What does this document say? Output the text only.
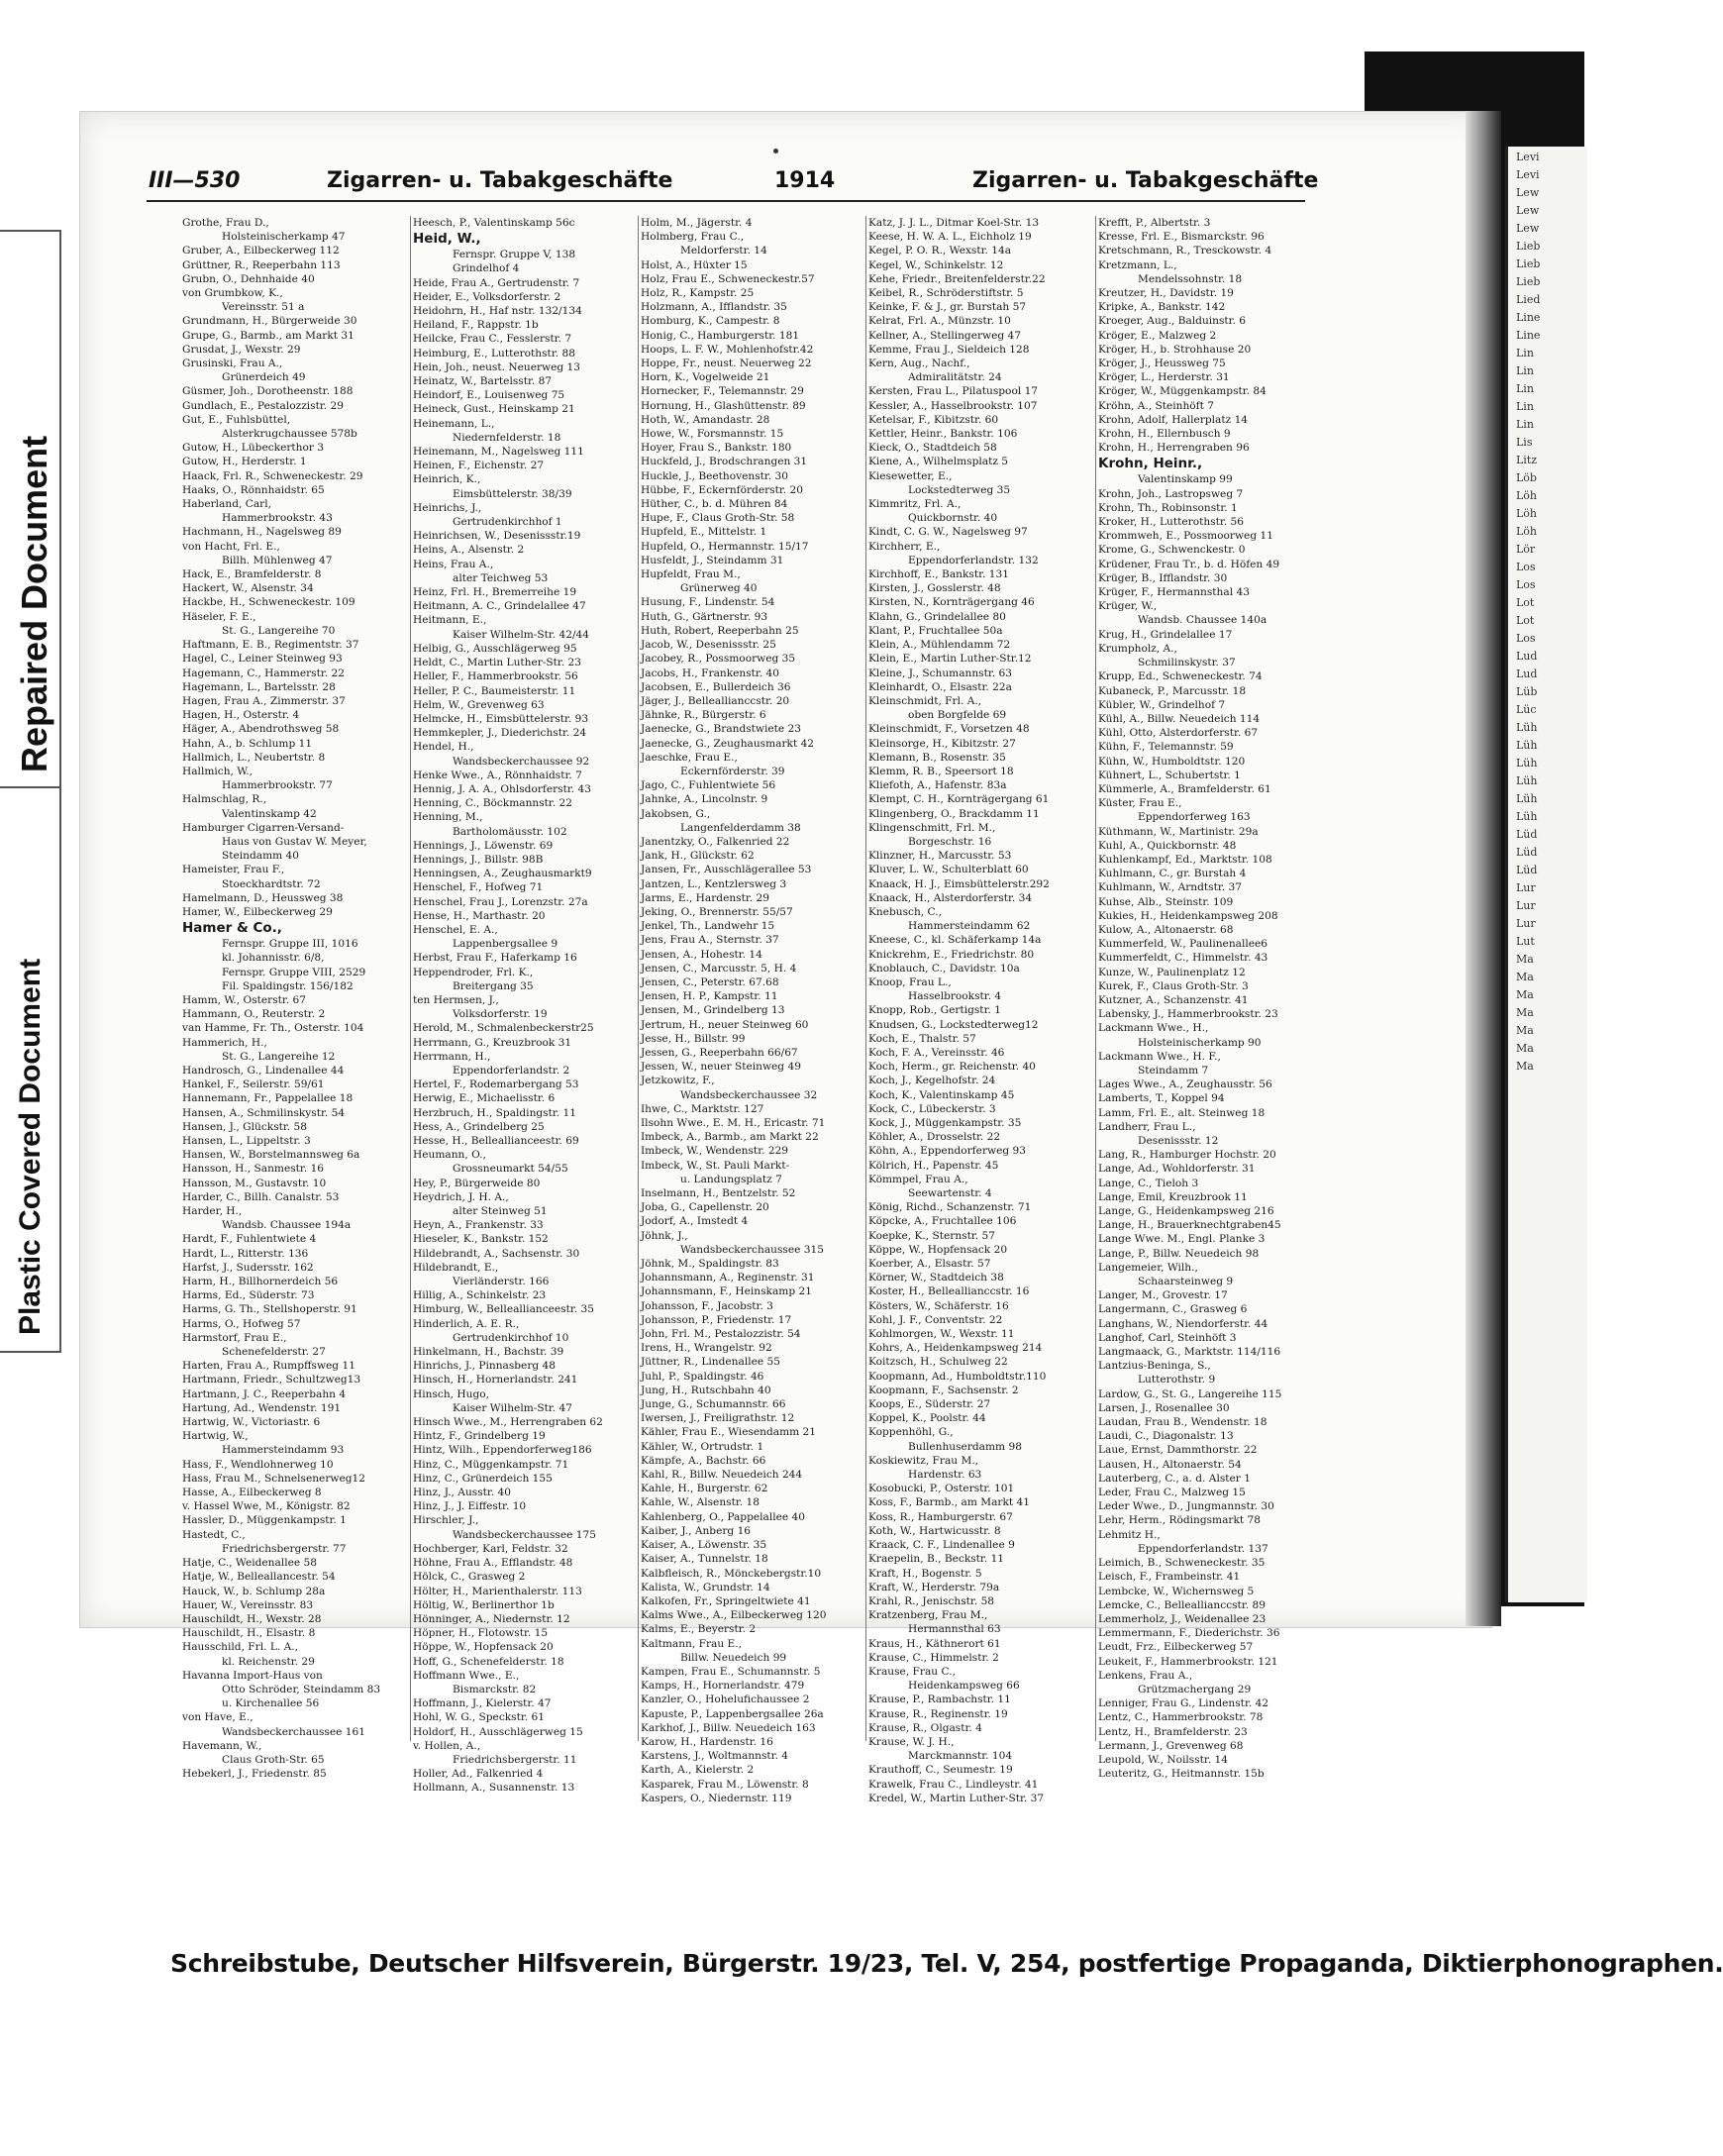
Levi
Levi
Lew
Lew
Lew
Lieb
Lieb
Lieb
Lied
Line
Line
Lin
Lin
Lin
Lin
Lin
Lis
Litz
Löb
Löh
Löh
Löh
Lör
Los
Los
Lot
Lot
Los
Lud
Lud
Lüb
Lüc
Lüh
Lüh
Lüh
Lüh
Lüh
Lüh
Lüd
Lüd
Lüd
Lur
Lur
Lur
Lut
Ma
Ma
Ma
Ma
Ma
Ma
Ma
Repaired Document
Plastic Covered Document
III—530	Zigarren- u. Tabakgeschäfte	1914	Zigarren- u. Tabakgeschäfte
Grothe, Frau D.,
Holsteinischerkamp 47
Gruber, A., Eilbeckerweg 112
Grüttner, R., Reeperbahn 113
Grubn, O., Dehnhaide 40
von Grumbkow, K.,
Vereinsstr. 51 a
Grundmann, H., Bürgerweide 30
Grupe, G., Barmb., am Markt 31
Grusdat, J., Wexstr. 29
Grusinski, Frau A.,
Grünerdeich 49
Güsmer, Joh., Dorotheenstr. 188
Gundlach, E., Pestalozzistr. 29
Gut, E., Fuhlsbüttel,
Alsterkrugchaussee 578b
Gutow, H., Lübeckerthor 3
Gutow, H., Herderstr. 1
Haack, Frl. R., Schweneckestr. 29
Haaks, O., Rönnhaidstr. 65
Haberland, Carl,
Hammerbrookstr. 43
Hachmann, H., Nagelsweg 89
von Hacht, Frl. E.,
Billh. Mühlenweg 47
Hack, E., Bramfelderstr. 8
Hackert, W., Alsenstr. 34
Hackbe, H., Schweneckestr. 109
Häseler, F. E.,
St. G., Langereihe 70
Haftmann, E. B., Regimentstr. 37
Hagel, C., Leiner Steinweg 93
Hagemann, C., Hammerstr. 22
Hagemann, L., Bartelsstr. 28
Hagen, Frau A., Zimmerstr. 37
Hagen, H., Osterstr. 4
Häger, A., Abendrothsweg 58
Hahn, A., b. Schlump 11
Hallmich, L., Neubertstr. 8
Hallmich, W.,
Hammerbrookstr. 77
Halmschlag, R.,
Valentinskamp 42
Hamburger Cigarren-Versand-
Haus von Gustav W. Meyer,
Steindamm 40
Hameister, Frau F.,
Stoeckhardtstr. 72
Hamelmann, D., Heussweg 38
Hamer, W., Eilbeckerweg 29
Hamer & Co.,
Fernspr. Gruppe III, 1016
kl. Johannisstr. 6/8,
Fernspr. Gruppe VIII, 2529
Fil. Spaldingstr. 156/182
Hamm, W., Osterstr. 67
Hammann, O., Reuterstr. 2
van Hamme, Fr. Th., Osterstr. 104
Hammerich, H.,
St. G., Langereihe 12
Handrosch, G., Lindenallee 44
Hankel, F., Seilerstr. 59/61
Hannemann, Fr., Pappelallee 18
Hansen, A., Schmilinskystr. 54
Hansen, J., Glückstr. 58
Hansen, L., Lippeltstr. 3
Hansen, W., Borstelmannsweg 6a
Hansson, H., Sanmestr. 16
Hansson, M., Gustavstr. 10
Harder, C., Billh. Canalstr. 53
Harder, H.,
Wandsb. Chaussee 194a
Hardt, F., Fuhlentwiete 4
Hardt, L., Ritterstr. 136
Harfst, J., Sudersstr. 162
Harm, H., Billhornerdeich 56
Harms, Ed., Süderstr. 73
Harms, G. Th., Stellshoperstr. 91
Harms, O., Hofweg 57
Harmstorf, Frau E.,
Schenefelderstr. 27
Harten, Frau A., Rumpffsweg 11
Hartmann, Friedr., Schultzweg13
Hartmann, J. C., Reeperbahn 4
Hartung, Ad., Wendenstr. 191
Hartwig, W., Victoriastr. 6
Hartwig, W.,
Hammersteindamm 93
Hass, F., Wendlohnerweg 10
Hass, Frau M., Schnelsenerweg12
Hasse, A., Eilbeckerweg 8
v. Hassel Wwe, M., Königstr. 82
Hassler, D., Müggenkampstr. 1
Hastedt, C.,
Friedrichsbergerstr. 77
Hatje, C., Weidenallee 58
Hatje, W., Belleallancestr. 54
Hauck, W., b. Schlump 28a
Hauer, W., Vereinsstr. 83
Hauschildt, H., Wexstr. 28
Hauschildt, H., Elsastr. 8
Hausschild, Frl. L. A.,
kl. Reichenstr. 29
Havanna Import-Haus von
Otto Schröder, Steindamm 83
u. Kirchenallee 56
von Have, E.,
Wandsbeckerchaussee 161
Havemann, W.,
Claus Groth-Str. 65
Hebekerl, J., Friedenstr. 85
Heesch, P., Valentinskamp 56c
Heid, W.,
Fernspr. Gruppe V, 138
Grindelhof 4
Heide, Frau A., Gertrudenstr. 7
Heider, E., Volksdorferstr. 2
Heidohrn, H., Haf nstr. 132/134
Heiland, F., Rappstr. 1b
Heilcke, Frau C., Fesslerstr. 7
Heimburg, E., Lutterothstr. 88
Hein, Joh., neust. Neuerweg 13
Heinatz, W., Bartelsstr. 87
Heindorf, E., Louisenweg 75
Heineck, Gust., Heinskamp 21
Heinemann, L.,
Niedernfelderstr. 18
Heinemann, M., Nagelsweg 111
Heinen, F., Eichenstr. 27
Heinrich, K.,
Eimsbüttelerstr. 38/39
Heinrichs, J.,
Gertrudenkirchhof 1
Heinrichsen, W., Desenissstr.19
Heins, A., Alsenstr. 2
Heins, Frau A.,
alter Teichweg 53
Heinz, Frl. H., Bremerreihe 19
Heitmann, A. C., Grindelallee 47
Heitmann, E.,
Kaiser Wilhelm-Str. 42/44
Helbig, G., Ausschlägerweg 95
Heldt, C., Martin Luther-Str. 23
Heller, F., Hammerbrookstr. 56
Heller, P. C., Baumeisterstr. 11
Helm, W., Grevenweg 63
Helmcke, H., Eimsbüttelerstr. 93
Hemmkepler, J., Diederichstr. 24
Hendel, H.,
Wandsbeckerchaussee 92
Henke Wwe., A., Rönnhaidstr. 7
Hennig, J. A. A., Ohlsdorferstr. 43
Henning, C., Böckmannstr. 22
Henning, M.,
Bartholomäusstr. 102
Hennings, J., Löwenstr. 69
Hennings, J., Billstr. 98B
Henningsen, A., Zeughausmarkt9
Henschel, F., Hofweg 71
Henschel, Frau J., Lorenzstr. 27a
Hense, H., Marthastr. 20
Henschel, E. A.,
Lappenbergsallee 9
Herbst, Frau F., Haferkamp 16
Heppendroder, Frl. K.,
Breitergang 35
ten Hermsen, J.,
Volksdorferstr. 19
Herold, M., Schmalenbeckerstr25
Herrmann, G., Kreuzbrook 31
Herrmann, H.,
Eppendorferlandstr. 2
Hertel, F., Rodemarbergang 53
Herwig, E., Michaelisstr. 6
Herzbruch, H., Spaldingstr. 11
Hess, A., Grindelberg 25
Hesse, H., Belleallianceestr. 69
Heumann, O.,
Grossneumarkt 54/55
Hey, P., Bürgerweide 80
Heydrich, J. H. A.,
alter Steinweg 51
Heyn, A., Frankenstr. 33
Hieseler, K., Bankstr. 152
Hildebrandt, A., Sachsenstr. 30
Hildebrandt, E.,
Vierländerstr. 166
Hillig, A., Schinkelstr. 23
Himburg, W., Belleallianceestr. 35
Hinderlich, A. E. R.,
Gertrudenkirchhof 10
Hinkelmann, H., Bachstr. 39
Hinrichs, J., Pinnasberg 48
Hinsch, H., Hornerlandstr. 241
Hinsch, Hugo,
Kaiser Wilhelm-Str. 47
Hinsch Wwe., M., Herrengraben 62
Hintz, F., Grindelberg 19
Hintz, Wilh., Eppendorferweg186
Hinz, C., Müggenkampstr. 71
Hinz, C., Grünerdeich 155
Hinz, J., Ausstr. 40
Hinz, J., J. Eiffestr. 10
Hirschler, J.,
Wandsbeckerchaussee 175
Hochberger, Karl, Feldstr. 32
Höhne, Frau A., Efflandstr. 48
Hölck, C., Grasweg 2
Hölter, H., Marienthalerstr. 113
Höltig, W., Berlinerthor 1b
Hönninger, A., Niedernstr. 12
Höpner, H., Flotowstr. 15
Höppe, W., Hopfensack 20
Hoff, G., Schenefelderstr. 18
Hoffmann Wwe., E.,
Bismarckstr. 82
Hoffmann, J., Kielerstr. 47
Hohl, W. G., Speckstr. 61
Holdorf, H., Ausschlägerweg 15
v. Hollen, A.,
Friedrichsbergerstr. 11
Holler, Ad., Falkenried 4
Hollmann, A., Susannenstr. 13
Holm, M., Jägerstr. 4
Holmberg, Frau C.,
Meldorferstr. 14
Holst, A., Hüxter 15
Holz, Frau E., Schweneckestr.57
Holz, R., Kampstr. 25
Holzmann, A., Ifflandstr. 35
Homburg, K., Campestr. 8
Honig, C., Hamburgerstr. 181
Hoops, L. F. W., Mohlenhofstr.42
Hoppe, Fr., neust. Neuerweg 22
Horn, K., Vogelweide 21
Hornecker, F., Telemannstr. 29
Hornung, H., Glashüttenstr. 89
Hoth, W., Amandastr. 28
Howe, W., Forsmannstr. 15
Hoyer, Frau S., Bankstr. 180
Huckfeld, J., Brodschrangen 31
Huckle, J., Beethovenstr. 30
Hübbe, F., Eckernförderstr. 20
Hüther, C., b. d. Mühren 84
Hupe, F., Claus Groth-Str. 58
Hupfeld, E., Mittelstr. 1
Hupfeld, O., Hermannstr. 15/17
Husfeldt, J., Steindamm 31
Hupfeldt, Frau M.,
Grünerweg 40
Husung, F., Lindenstr. 54
Huth, G., Gärtnerstr. 93
Huth, Robert, Reeperbahn 25
Jacob, W., Desenissstr. 25
Jacobey, R., Possmoorweg 35
Jacobs, H., Frankenstr. 40
Jacobsen, E., Bullerdeich 36
Jäger, J., Belleallianccstr. 20
Jähnke, R., Bürgerstr. 6
Jaenecke, G., Brandstwiete 23
Jaenecke, G., Zeughausmarkt 42
Jaeschke, Frau E.,
Eckernförderstr. 39
Jago, C., Fuhlentwiete 56
Jahnke, A., Lincolnstr. 9
Jakobsen, G.,
Langenfelderdamm 38
Janentzky, O., Falkenried 22
Jank, H., Glückstr. 62
Jansen, Fr., Ausschlägerallee 53
Jantzen, L., Kentzlersweg 3
Jarms, E., Hardenstr. 29
Jeking, O., Brennerstr. 55/57
Jenkel, Th., Landwehr 15
Jens, Frau A., Sternstr. 37
Jensen, A., Hohestr. 14
Jensen, C., Marcusstr. 5, H. 4
Jensen, C., Peterstr. 67.68
Jensen, H. P., Kampstr. 11
Jensen, M., Grindelberg 13
Jertrum, H., neuer Steinweg 60
Jesse, H., Billstr. 99
Jessen, G., Reeperbahn 66/67
Jessen, W., neuer Steinweg 49
Jetzkowitz, F.,
Wandsbeckerchaussee 32
Ihwe, C., Marktstr. 127
Ilsohn Wwe., E. M. H., Ericastr. 71
Imbeck, A., Barmb., am Markt 22
Imbeck, W., Wendenstr. 229
Imbeck, W., St. Pauli Markt-
u. Landungsplatz 7
Inselmann, H., Bentzelstr. 52
Joba, G., Capellenstr. 20
Jodorf, A., Imstedt 4
Jöhnk, J.,
Wandsbeckerchaussee 315
Jöhnk, M., Spaldingstr. 83
Johannsmann, A., Reginenstr. 31
Johannsmann, F., Heinskamp 21
Johansson, F., Jacobstr. 3
Johansson, P., Friedenstr. 17
John, Frl. M., Pestalozzistr. 54
Irens, H., Wrangelstr. 92
Jüttner, R., Lindenallee 55
Juhl, P., Spaldingstr. 46
Jung, H., Rutschbahn 40
Junge, G., Schumannstr. 66
Iwersen, J., Freiligrathstr. 12
Kähler, Frau E., Wiesendamm 21
Kähler, W., Ortrudstr. 1
Kämpfe, A., Bachstr. 66
Kahl, R., Billw. Neuedeich 244
Kahle, H., Burgerstr. 62
Kahle, W., Alsenstr. 18
Kahlenberg, O., Pappelallee 40
Kaiber, J., Anberg 16
Kaiser, A., Löwenstr. 35
Kaiser, A., Tunnelstr. 18
Kalbfleisch, R., Mönckebergstr.10
Kalista, W., Grundstr. 14
Kalkofen, Fr., Springeltwiete 41
Kalms Wwe., A., Eilbeckerweg 120
Kalms, E., Beyerstr. 2
Kaltmann, Frau E.,
Billw. Neuedeich 99
Kampen, Frau E., Schumannstr. 5
Kamps, H., Hornerlandstr. 479
Kanzler, O., Hohelufichaussee 2
Kapuste, P., Lappenbergsallee 26a
Karkhof, J., Billw. Neuedeich 163
Karow, H., Hardenstr. 16
Karstens, J., Woltmannstr. 4
Karth, A., Kielerstr. 2
Kasparek, Frau M., Löwenstr. 8
Kaspers, O., Niedernstr. 119
Katz, J. J. L., Ditmar Koel-Str. 13
Keese, H. W. A. L., Eichholz 19
Kegel, P. O. R., Wexstr. 14a
Kegel, W., Schinkelstr. 12
Kehe, Friedr., Breitenfelderstr.22
Keibel, R., Schröderstiftstr. 5
Keinke, F. & J., gr. Burstah 57
Kelrat, Frl. A., Münzstr. 10
Kellner, A., Stellingerweg 47
Kemme, Frau J., Sieldeich 128
Kern, Aug., Nachf.,
Admiralitätstr. 24
Kersten, Frau L., Pilatuspool 17
Kessler, A., Hasselbrookstr. 107
Ketelsar, F., Kibitzstr. 60
Kettler, Heinr., Bankstr. 106
Kieck, O., Stadtdeich 58
Kiene, A., Wilhelmsplatz 5
Kiesewetter, E.,
Lockstedterweg 35
Kimmritz, Frl. A.,
Quickbornstr. 40
Kindt, C. G. W., Nagelsweg 97
Kirchherr, E.,
Eppendorferlandstr. 132
Kirchhoff, E., Bankstr. 131
Kirsten, J., Gosslerstr. 48
Kirsten, N., Kornträgergang 46
Klahn, G., Grindelallee 80
Klant, P., Fruchtallee 50a
Klein, A., Mühlendamm 72
Klein, E., Martin Luther-Str.12
Kleine, J., Schumannstr. 63
Kleinhardt, O., Elsastr. 22a
Kleinschmidt, Frl. A.,
oben Borgfelde 69
Kleinschmidt, F., Vorsetzen 48
Kleinsorge, H., Kibitzstr. 27
Klemann, B., Rosenstr. 35
Klemm, R. B., Speersort 18
Kliefoth, A., Hafenstr. 83a
Klempt, C. H., Kornträgergang 61
Klingenberg, O., Brackdamm 11
Klingenschmitt, Frl. M.,
Borgeschstr. 16
Klinzner, H., Marcusstr. 53
Kluver, L. W., Schulterblatt 60
Knaack, H. J., Eimsbüttelerstr.292
Knaack, H., Alsterdorferstr. 34
Knebusch, C.,
Hammersteindamm 62
Kneese, C., kl. Schäferkamp 14a
Knickrehm, E., Friedrichstr. 80
Knoblauch, C., Davidstr. 10a
Knoop, Frau L.,
Hasselbrookstr. 4
Knopp, Rob., Gertigstr. 1
Knudsen, G., Lockstedterweg12
Koch, E., Thalstr. 57
Koch, F. A., Vereinsstr. 46
Koch, Herm., gr. Reichenstr. 40
Koch, J., Kegelhofstr. 24
Koch, K., Valentinskamp 45
Kock, C., Lübeckerstr. 3
Kock, J., Müggenkampstr. 35
Köhler, A., Drosselstr. 22
Köhn, A., Eppendorferweg 93
Kölrich, H., Papenstr. 45
Kömmpel, Frau A.,
Seewartenstr. 4
König, Richd., Schanzenstr. 71
Köpcke, A., Fruchtallee 106
Koepke, K., Sternstr. 57
Köppe, W., Hopfensack 20
Koerber, A., Elsastr. 57
Körner, W., Stadtdeich 38
Koster, H., Belleallianccstr. 16
Kösters, W., Schäferstr. 16
Kohl, J. F., Conventstr. 22
Kohlmorgen, W., Wexstr. 11
Kohrs, A., Heidenkampsweg 214
Koitzsch, H., Schulweg 22
Koopmann, Ad., Humboldtstr.110
Koopmann, F., Sachsenstr. 2
Koops, E., Süderstr. 27
Koppel, K., Poolstr. 44
Koppenhöhl, G.,
Bullenhuserdamm 98
Koskiewitz, Frau M.,
Hardenstr. 63
Kosobucki, P., Osterstr. 101
Koss, F., Barmb., am Markt 41
Koss, R., Hamburgerstr. 67
Koth, W., Hartwicusstr. 8
Kraack, C. F., Lindenallee 9
Kraepelin, B., Beckstr. 11
Kraft, H., Bogenstr. 5
Kraft, W., Herderstr. 79a
Krahl, R., Jenischstr. 58
Kratzenberg, Frau M.,
Hermannsthal 63
Kraus, H., Käthnerort 61
Krause, C., Himmelstr. 2
Krause, Frau C.,
Heidenkampsweg 66
Krause, P., Rambachstr. 11
Krause, R., Reginenstr. 19
Krause, R., Olgastr. 4
Krause, W. J. H.,
Marckmannstr. 104
Krauthoff, C., Seumestr. 19
Krawelk, Frau C., Lindleystr. 41
Kredel, W., Martin Luther-Str. 37
Krefft, P., Albertstr. 3
Kresse, Frl. E., Bismarckstr. 96
Kretschmann, R., Tresckowstr. 4
Kretzmann, L.,
Mendelssohnstr. 18
Kreutzer, H., Davidstr. 19
Kripke, A., Bankstr. 142
Kroeger, Aug., Balduinstr. 6
Kröger, E., Malzweg 2
Kröger, H., b. Strohhause 20
Kröger, J., Heussweg 75
Kröger, L., Herderstr. 31
Kröger, W., Müggenkampstr. 84
Kröhn, A., Steinhöft 7
Krohn, Adolf, Hallerplatz 14
Krohn, H., Ellernbusch 9
Krohn, H., Herrengraben 96
Krohn, Heinr.,
Valentinskamp 99
Krohn, Joh., Lastropsweg 7
Krohn, Th., Robinsonstr. 1
Kroker, H., Lutterothstr. 56
Krommweh, E., Possmoorweg 11
Krome, G., Schwenckestr. 0
Krüdener, Frau Tr., b. d. Höfen 49
Krüger, B., Ifflandstr. 30
Krüger, F., Hermannsthal 43
Krüger, W.,
Wandsb. Chaussee 140a
Krug, H., Grindelallee 17
Krumpholz, A.,
Schmilinskystr. 37
Krupp, Ed., Schweneckestr. 74
Kubaneck, P., Marcusstr. 18
Kübler, W., Grindelhof 7
Kühl, A., Billw. Neuedeich 114
Kühl, Otto, Alsterdorferstr. 67
Kühn, F., Telemannstr. 59
Kühn, W., Humboldtstr. 120
Kühnert, L., Schubertstr. 1
Kümmerle, A., Bramfelderstr. 61
Küster, Frau E.,
Eppendorferweg 163
Küthmann, W., Martinistr. 29a
Kuhl, A., Quickbornstr. 48
Kuhlenkampf, Ed., Marktstr. 108
Kuhlmann, C., gr. Burstah 4
Kuhlmann, W., Arndtstr. 37
Kuhse, Alb., Steinstr. 109
Kukies, H., Heidenkampsweg 208
Kulow, A., Altonaerstr. 68
Kummerfeld, W., Paulinenallee6
Kummerfeldt, C., Himmelstr. 43
Kunze, W., Paulinenplatz 12
Kurek, F., Claus Groth-Str. 3
Kutzner, A., Schanzenstr. 41
Labensky, J., Hammerbrookstr. 23
Lackmann Wwe., H.,
Holsteinischerkamp 90
Lackmann Wwe., H. F.,
Steindamm 7
Lages Wwe., A., Zeughausstr. 56
Lamberts, T., Koppel 94
Lamm, Frl. E., alt. Steinweg 18
Landherr, Frau L.,
Desenissstr. 12
Lang, R., Hamburger Hochstr. 20
Lange, Ad., Wohldorferstr. 31
Lange, C., Tieloh 3
Lange, Emil, Kreuzbrook 11
Lange, G., Heidenkampsweg 216
Lange, H., Brauerknechtgraben45
Lange Wwe. M., Engl. Planke 3
Lange, P., Billw. Neuedeich 98
Langemeier, Wilh.,
Schaarsteinweg 9
Langer, M., Grovestr. 17
Langermann, C., Grasweg 6
Langhans, W., Niendorferstr. 44
Langhof, Carl, Steinhöft 3
Langmaack, G., Marktstr. 114/116
Lantzius-Beninga, S.,
Lutterothstr. 9
Lardow, G., St. G., Langereihe 115
Larsen, J., Rosenallee 30
Laudan, Frau B., Wendenstr. 18
Laudi, C., Diagonalstr. 13
Laue, Ernst, Dammthorstr. 22
Lausen, H., Altonaerstr. 54
Lauterberg, C., a. d. Alster 1
Leder, Frau C., Malzweg 15
Leder Wwe., D., Jungmannstr. 30
Lehr, Herm., Rödingsmarkt 78
Lehmitz H.,
Eppendorferlandstr. 137
Leimich, B., Schweneckestr. 35
Leisch, F., Frambeinstr. 41
Lembcke, W., Wichernsweg 5
Lemcke, C., Belleallianccstr. 89
Lemmerholz, J., Weidenallee 23
Lemmermann, F., Diederichstr. 36
Leudt, Frz., Eilbeckerweg 57
Leukeit, F., Hammerbrookstr. 121
Lenkens, Frau A.,
Grützmachergang 29
Lenniger, Frau G., Lindenstr. 42
Lentz, C., Hammerbrookstr. 78
Lentz, H., Bramfelderstr. 23
Lermann, J., Grevenweg 68
Leupold, W., Noilsstr. 14
Leuteritz, G., Heitmannstr. 15b
Schreibstube, Deutscher Hilfsverein, Bürgerstr. 19/23, Tel. V, 254, postfertige Propaganda, Diktierphonographen.
